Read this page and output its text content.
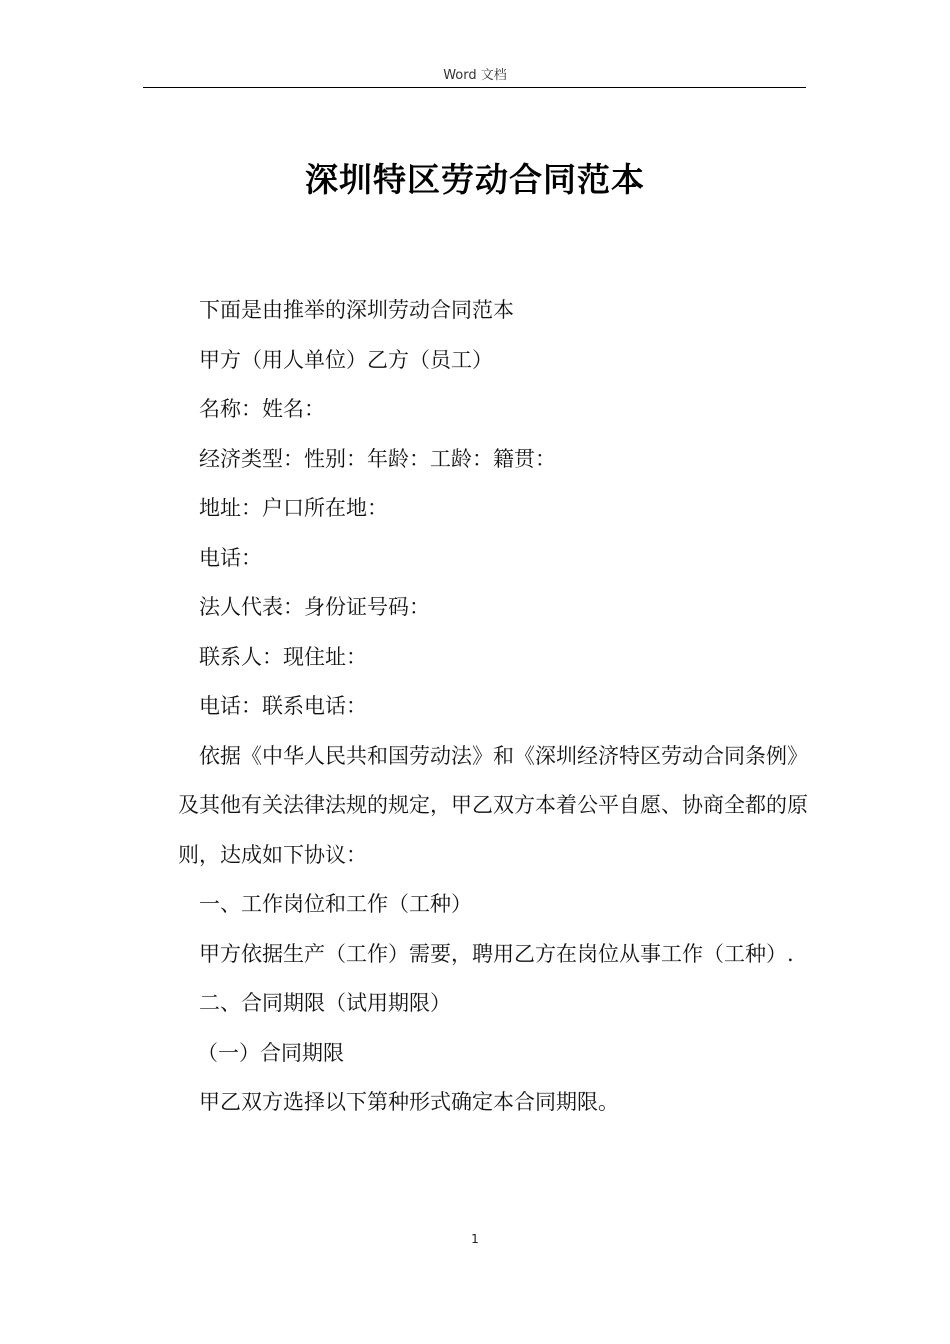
Word 文档
深圳特区劳动合同范本

下面是由推举的深圳劳动合同范本

甲方（用人单位）乙方（员工）

名称：姓名：

经济类型：性别：年龄：工龄：籍贯：

地址：户口所在地：

电话：

法人代表：身份证号码：

联系人：现住址：

电话：联系电话：

依据《中华人民共和国劳动法》和《深圳经济特区劳动合同条例》及其他有关法律法规的规定，甲乙双方本着公平自愿、协商全都的原则，达成如下协议：

一、工作岗位和工作（工种）

甲方依据生产（工作）需要，聘用乙方在岗位从事工作（工种）.

二、合同期限（试用期限）

（一）合同期限

甲乙双方选择以下第种形式确定本合同期限。

1
